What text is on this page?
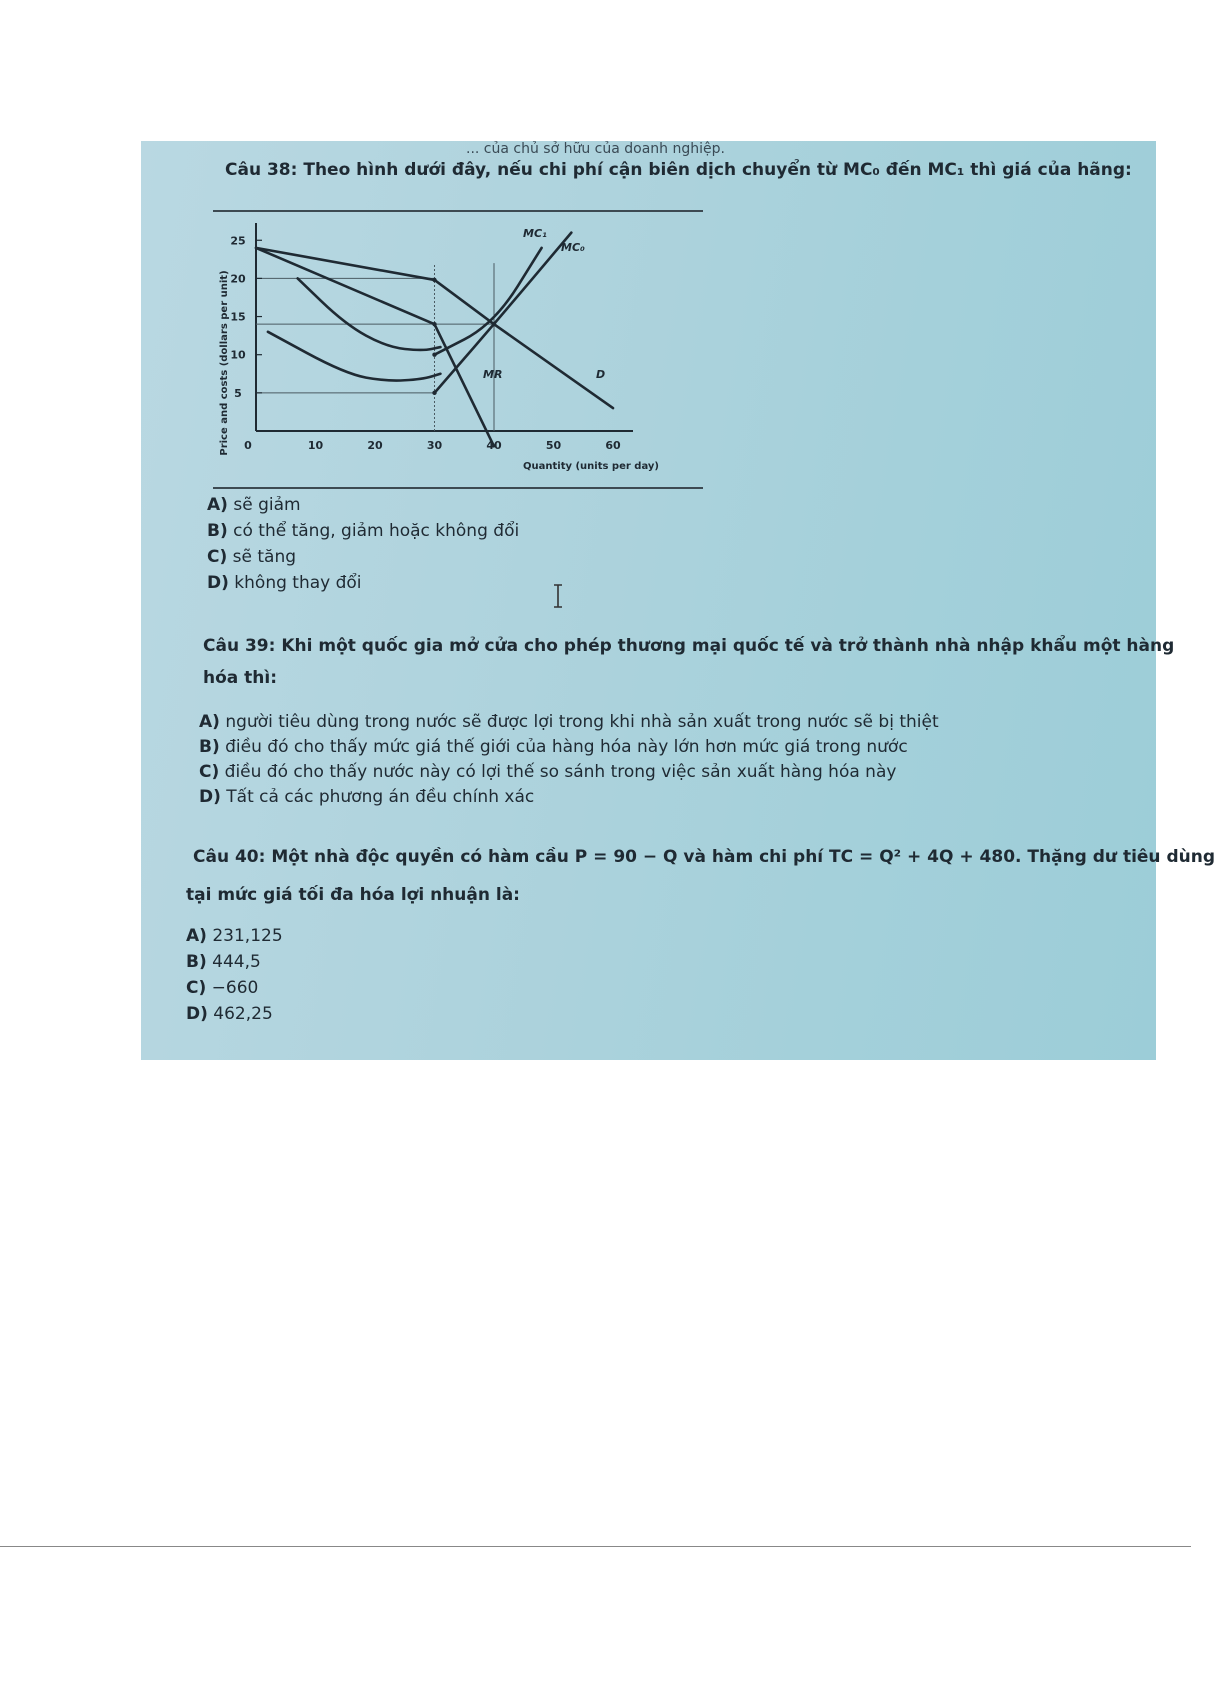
... của chủ sở hữu của doanh nghiệp.
Câu 38: Theo hình dưới đây, nếu chi phí cận biên dịch chuyển từ MC₀ đến MC₁ thì giá của hãng:
Price and costs (dollars per unit) 0	10	20	30	40	50	60
5
10
15
20
25
MC₁
MC₀
MR	D
Quantity (units per day)
A) sẽ giảm
B) có thể tăng, giảm hoặc không đổi
C) sẽ tăng
D) không thay đổi
Câu 39: Khi một quốc gia mở cửa cho phép thương mại quốc tế và trở thành nhà nhập khẩu một hàng
hóa thì:
A) người tiêu dùng trong nước sẽ được lợi trong khi nhà sản xuất trong nước sẽ bị thiệt
B) điều đó cho thấy mức giá thế giới của hàng hóa này lớn hơn mức giá trong nước
C) điều đó cho thấy nước này có lợi thế so sánh trong việc sản xuất hàng hóa này
D) Tất cả các phương án đều chính xác
Câu 40: Một nhà độc quyền có hàm cầu P = 90 − Q và hàm chi phí TC = Q² + 4Q + 480. Thặng dư tiêu dùng
tại mức giá tối đa hóa lợi nhuận là:
A) 231,125
B) 444,5
C) −660
D) 462,25
